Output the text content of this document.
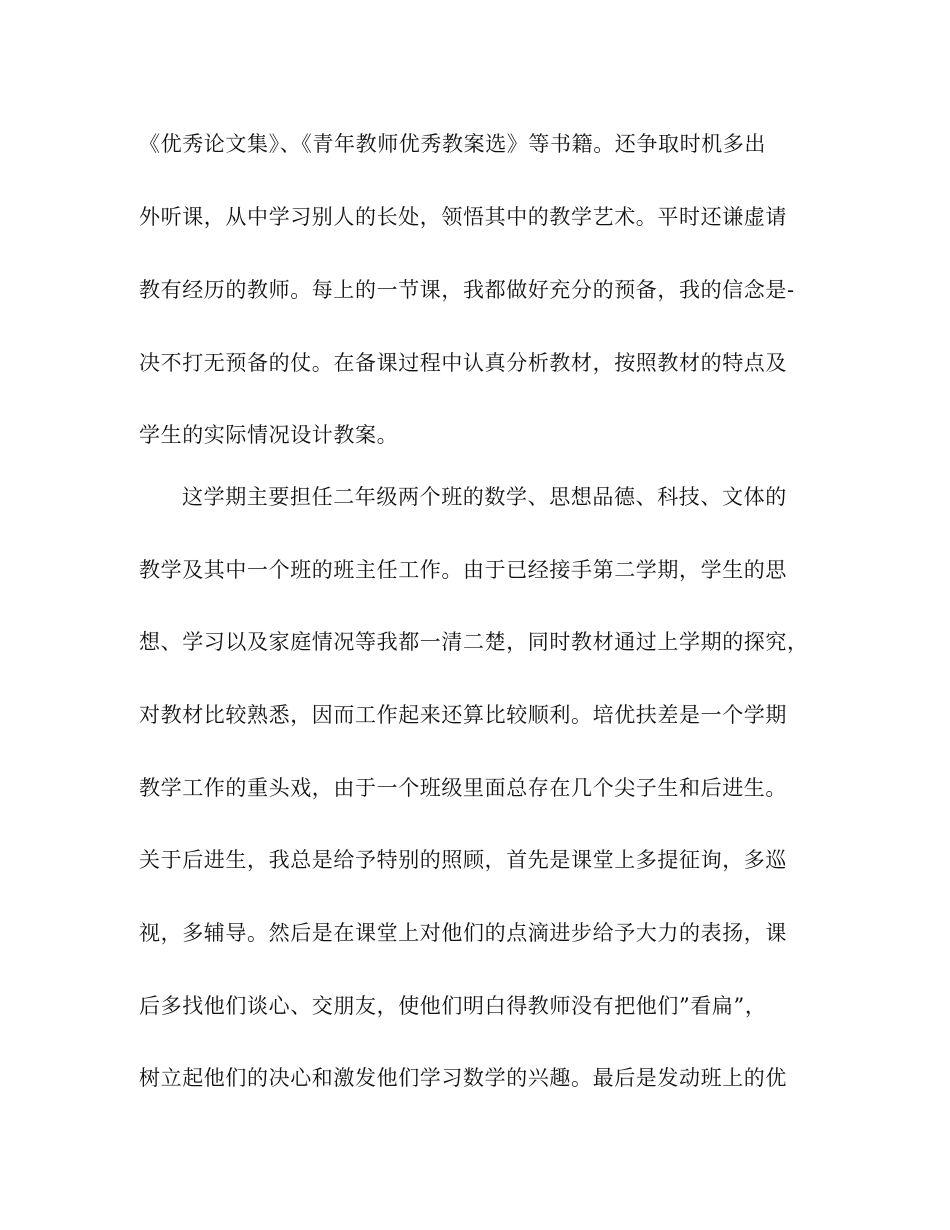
《优秀论文集》、《青年教师优秀教案选》等书籍。还争取时机多出
外听课，从中学习别人的长处，领悟其中的教学艺术。平时还谦虚请
教有经历的教师。每上的一节课，我都做好充分的预备，我的信念是-
决不打无预备的仗。在备课过程中认真分析教材，按照教材的特点及
学生的实际情况设计教案。
这学期主要担任二年级两个班的数学、思想品德、科技、文体的
教学及其中一个班的班主任工作。由于已经接手第二学期，学生的思
想、学习以及家庭情况等我都一清二楚，同时教材通过上学期的探究，
对教材比较熟悉，因而工作起来还算比较顺利。培优扶差是一个学期
教学工作的重头戏，由于一个班级里面总存在几个尖子生和后进生。
关于后进生，我总是给予特别的照顾，首先是课堂上多提征询，多巡
视，多辅导。然后是在课堂上对他们的点滴进步给予大力的表扬，课
后多找他们谈心、交朋友，使他们明白得教师没有把他们”看扁”，
树立起他们的决心和激发他们学习数学的兴趣。最后是发动班上的优
